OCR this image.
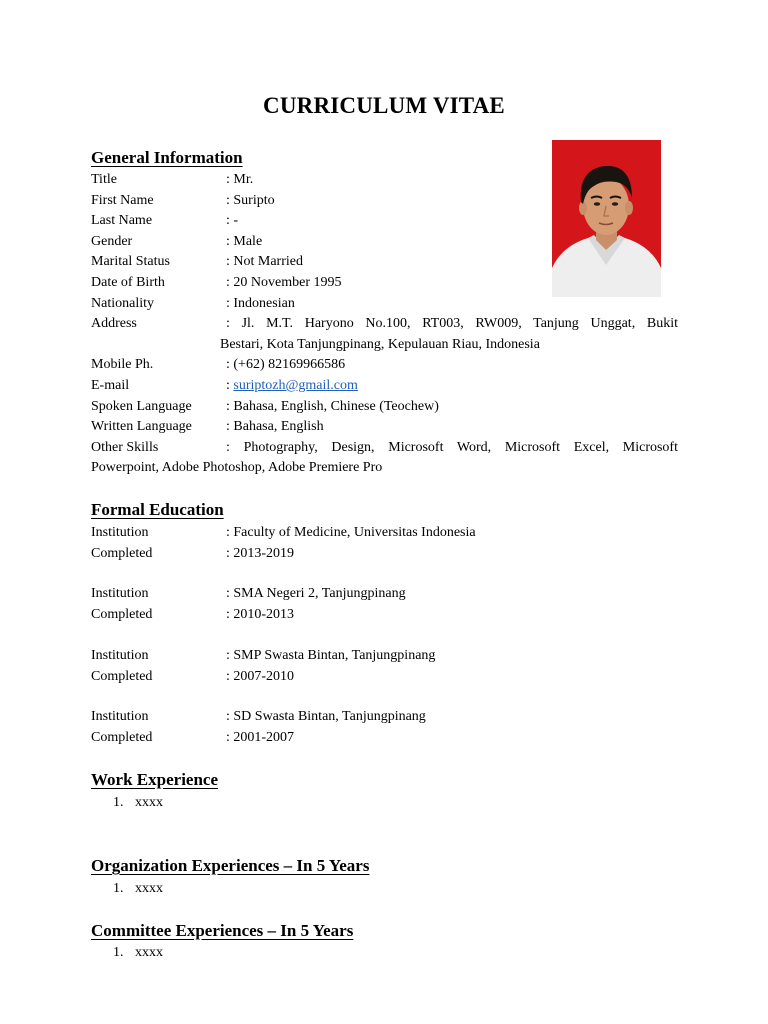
CURRICULUM VITAE
General Information
Title	: Mr.
First Name	: Suripto
Last Name	: -
Gender	: Male
Marital Status	: Not Married
Date of Birth	: 20 November 1995
Nationality	: Indonesian
Address	: Jl. M.T. Haryono No.100, RT003, RW009, Tanjung Unggat, Bukit
Bestari, Kota Tanjungpinang, Kepulauan Riau, Indonesia
Mobile Ph.	: (+62) 82169966586
E-mail	: suriptozh@gmail.com
Spoken Language : Bahasa, English, Chinese (Teochew)
Written Language : Bahasa, English
Other Skills	: Photography, Design, Microsoft Word, Microsoft Excel, Microsoft
Powerpoint, Adobe Photoshop, Adobe Premiere Pro
Formal Education
Institution	: Faculty of Medicine, Universitas Indonesia
Completed	: 2013-2019
Institution	: SMA Negeri 2, Tanjungpinang
Completed	: 2010-2013
Institution	: SMP Swasta Bintan, Tanjungpinang
Completed	: 2007-2010
Institution	: SD Swasta Bintan, Tanjungpinang
Completed	: 2001-2007
Work Experience
1. xxxx
Organization Experiences – In 5 Years
1. xxxx
Committee Experiences – In 5 Years
1. xxxx
